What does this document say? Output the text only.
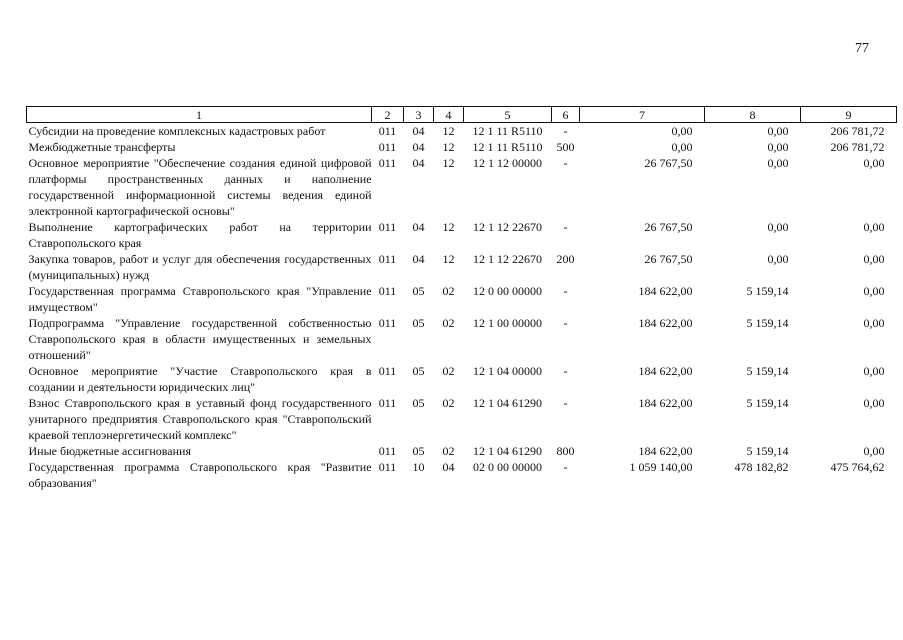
77
1	2	3	4	5	6	7	8	9
Субсидии на проведение комплексных кадастровых работ	011	04	12	12 1 11 R5110	-	0,00	0,00	206 781,72
Межбюджетные трансферты	011	04	12	12 1 11 R5110	500	0,00	0,00	206 781,72
Основное мероприятие "Обеспечение создания единой цифровой платформы пространственных данных и наполнение государственной информационной системы ведения единой электронной картографической основы"	011	04	12	12 1 12 00000	-	26 767,50	0,00	0,00
Выполнение картографических работ на территории Ставропольского края	011	04	12	12 1 12 22670	-	26 767,50	0,00	0,00
Закупка товаров, работ и услуг для обеспечения государственных (муниципальных) нужд	011	04	12	12 1 12 22670	200	26 767,50	0,00	0,00
Государственная программа Ставропольского края "Управление имуществом"	011	05	02	12 0 00 00000	-	184 622,00	5 159,14	0,00
Подпрограмма "Управление государственной собственностью Ставропольского края в области имущественных и земельных отношений"	011	05	02	12 1 00 00000	-	184 622,00	5 159,14	0,00
Основное мероприятие "Участие Ставропольского края в создании и деятельности юридических лиц"	011	05	02	12 1 04 00000	-	184 622,00	5 159,14	0,00
Взнос Ставропольского края в уставный фонд государственного унитарного предприятия Ставропольского края "Ставропольский краевой теплоэнергетический комплекс"	011	05	02	12 1 04 61290	-	184 622,00	5 159,14	0,00
Иные бюджетные ассигнования	011	05	02	12 1 04 61290	800	184 622,00	5 159,14	0,00
Государственная программа Ставропольского края "Развитие образования"	011	10	04	02 0 00 00000	-	1 059 140,00	478 182,82	475 764,62
